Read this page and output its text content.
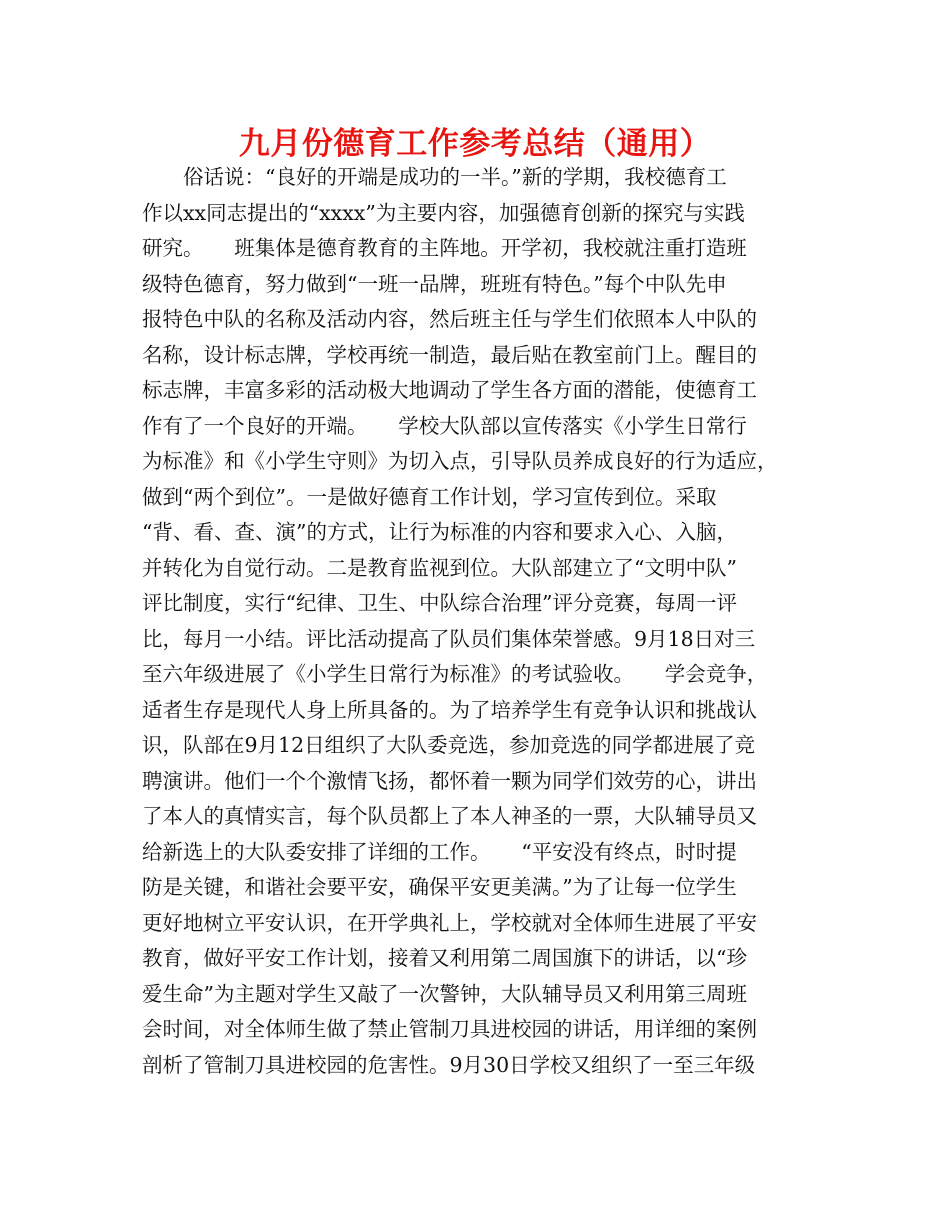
九月份德育工作参考总结（通用）
　　俗话说：“良好的开端是成功的一半。”新的学期，我校德育工
作以xx同志提出的“xxxx”为主要内容，加强德育创新的探究与实践
研究。　　班集体是德育教育的主阵地。开学初，我校就注重打造班
级特色德育，努力做到“一班一品牌，班班有特色。”每个中队先申
报特色中队的名称及活动内容，然后班主任与学生们依照本人中队的
名称，设计标志牌，学校再统一制造，最后贴在教室前门上。醒目的
标志牌，丰富多彩的活动极大地调动了学生各方面的潜能，使德育工
作有了一个良好的开端。　　学校大队部以宣传落实《小学生日常行
为标准》和《小学生守则》为切入点，引导队员养成良好的行为适应，
做到“两个到位”。一是做好德育工作计划，学习宣传到位。采取
“背、看、查、演”的方式，让行为标准的内容和要求入心、入脑，
并转化为自觉行动。二是教育监视到位。大队部建立了“文明中队”
评比制度，实行“纪律、卫生、中队综合治理”评分竞赛，每周一评
比，每月一小结。评比活动提高了队员们集体荣誉感。9月18日对三
至六年级进展了《小学生日常行为标准》的考试验收。　　学会竞争，
适者生存是现代人身上所具备的。为了培养学生有竞争认识和挑战认
识，队部在9月12日组织了大队委竞选，参加竞选的同学都进展了竞
聘演讲。他们一个个激情飞扬，都怀着一颗为同学们效劳的心，讲出
了本人的真情实言，每个队员都上了本人神圣的一票，大队辅导员又
给新选上的大队委安排了详细的工作。　　“平安没有终点，时时提
防是关键，和谐社会要平安，确保平安更美满。”为了让每一位学生
更好地树立平安认识，在开学典礼上，学校就对全体师生进展了平安
教育，做好平安工作计划，接着又利用第二周国旗下的讲话，以“珍
爱生命”为主题对学生又敲了一次警钟，大队辅导员又利用第三周班
会时间，对全体师生做了禁止管制刀具进校园的讲话，用详细的案例
剖析了管制刀具进校园的危害性。9月30日学校又组织了一至三年级
